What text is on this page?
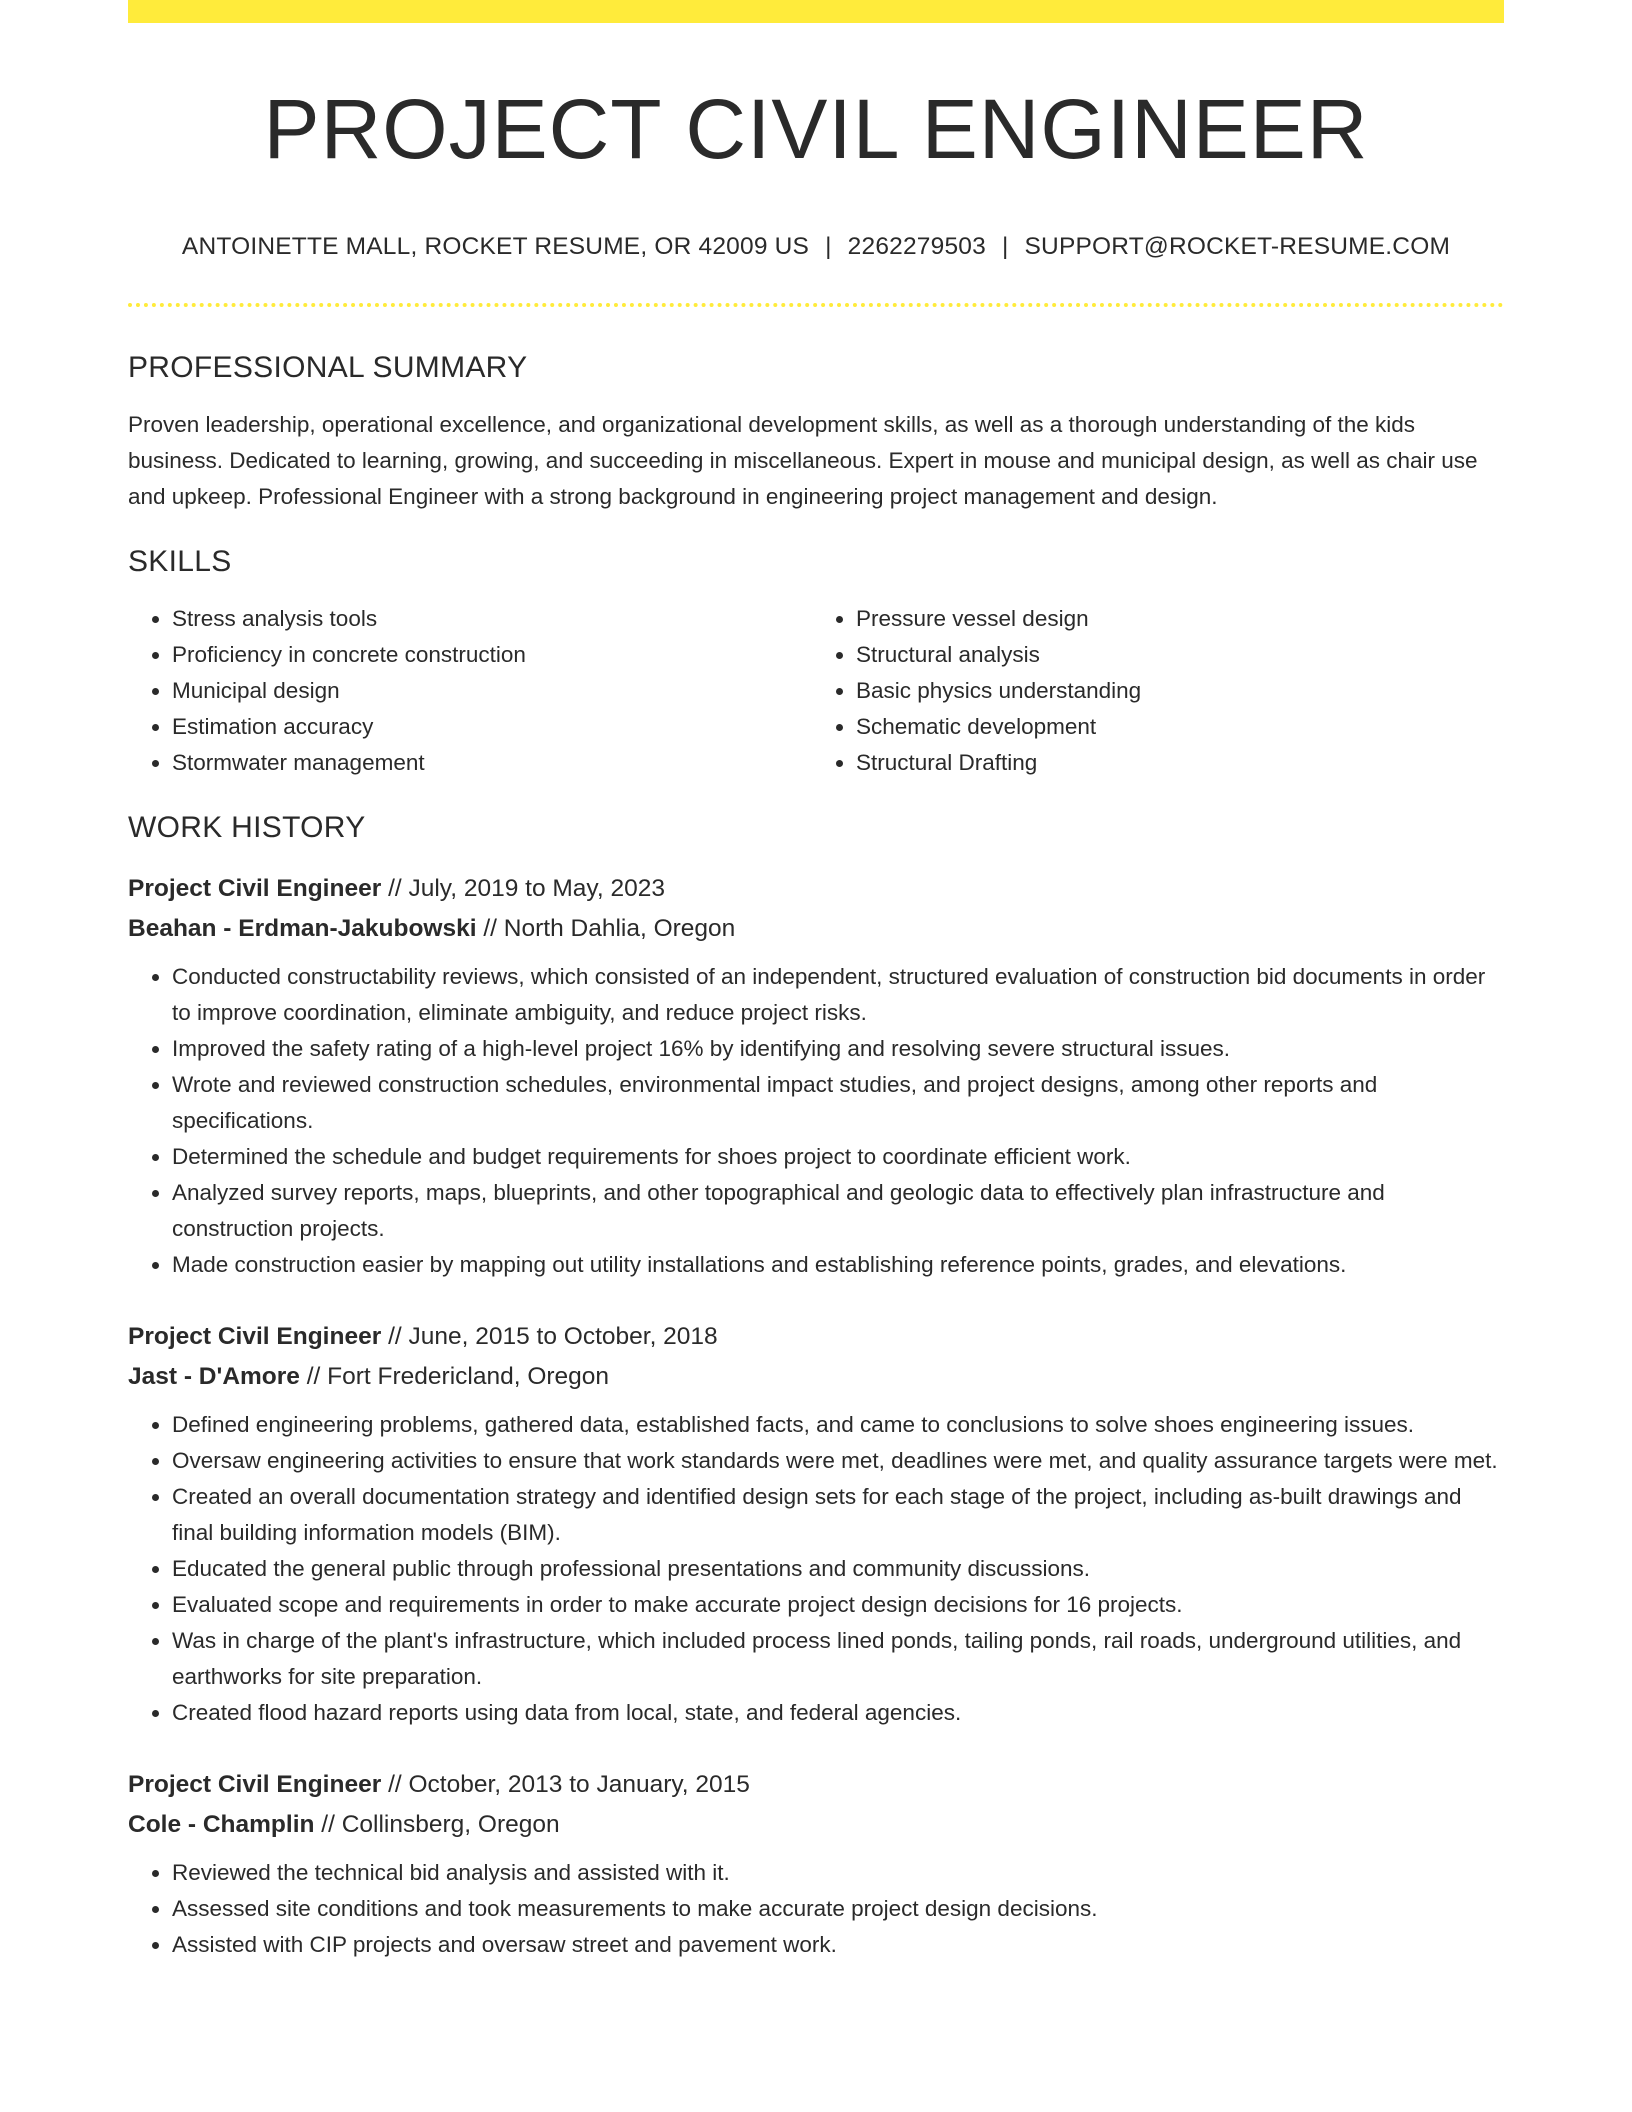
PROJECT CIVIL ENGINEER
ANTOINETTE MALL, ROCKET RESUME, OR 42009 US | 2262279503 | SUPPORT@ROCKET-RESUME.COM
PROFESSIONAL SUMMARY
Proven leadership, operational excellence, and organizational development skills, as well as a thorough understanding of the kids business. Dedicated to learning, growing, and succeeding in miscellaneous. Expert in mouse and municipal design, as well as chair use and upkeep. Professional Engineer with a strong background in engineering project management and design.
SKILLS
• Stress analysis tools
• Proficiency in concrete construction
• Municipal design
• Estimation accuracy
• Stormwater management
• Pressure vessel design
• Structural analysis
• Basic physics understanding
• Schematic development
• Structural Drafting
WORK HISTORY
Project Civil Engineer // July, 2019 to May, 2023
Beahan - Erdman-Jakubowski // North Dahlia, Oregon
• Conducted constructability reviews, which consisted of an independent, structured evaluation of construction bid documents in order to improve coordination, eliminate ambiguity, and reduce project risks.
• Improved the safety rating of a high-level project 16% by identifying and resolving severe structural issues.
• Wrote and reviewed construction schedules, environmental impact studies, and project designs, among other reports and specifications.
• Determined the schedule and budget requirements for shoes project to coordinate efficient work.
• Analyzed survey reports, maps, blueprints, and other topographical and geologic data to effectively plan infrastructure and construction projects.
• Made construction easier by mapping out utility installations and establishing reference points, grades, and elevations.
Project Civil Engineer // June, 2015 to October, 2018
Jast - D'Amore // Fort Fredericland, Oregon
• Defined engineering problems, gathered data, established facts, and came to conclusions to solve shoes engineering issues.
• Oversaw engineering activities to ensure that work standards were met, deadlines were met, and quality assurance targets were met.
• Created an overall documentation strategy and identified design sets for each stage of the project, including as-built drawings and final building information models (BIM).
• Educated the general public through professional presentations and community discussions.
• Evaluated scope and requirements in order to make accurate project design decisions for 16 projects.
• Was in charge of the plant's infrastructure, which included process lined ponds, tailing ponds, rail roads, underground utilities, and earthworks for site preparation.
• Created flood hazard reports using data from local, state, and federal agencies.
Project Civil Engineer // October, 2013 to January, 2015
Cole - Champlin // Collinsberg, Oregon
• Reviewed the technical bid analysis and assisted with it.
• Assessed site conditions and took measurements to make accurate project design decisions.
• Assisted with CIP projects and oversaw street and pavement work.
